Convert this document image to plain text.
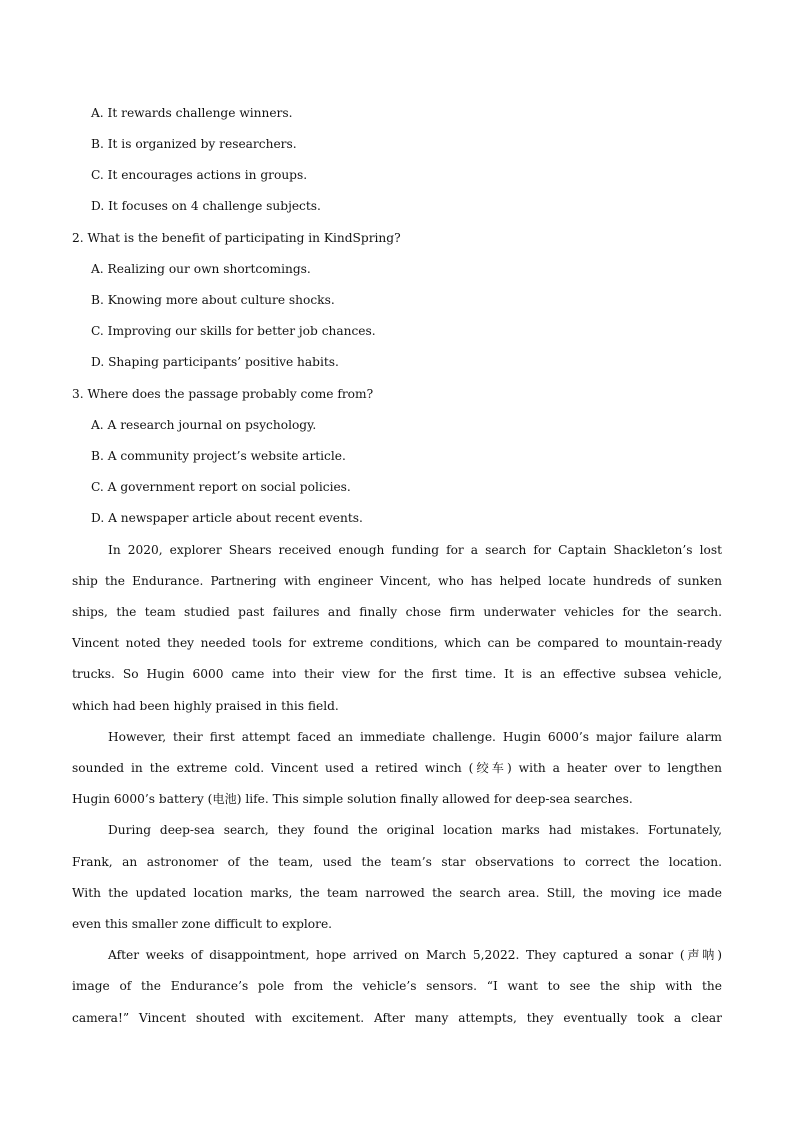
A. It rewards challenge winners.
B. It is organized by researchers.
C. It encourages actions in groups.
D. It focuses on 4 challenge subjects.
2. What is the benefit of participating in KindSpring?
A. Realizing our own shortcomings.
B. Knowing more about culture shocks.
C. Improving our skills for better job chances.
D. Shaping participants’ positive habits.
3. Where does the passage probably come from?
A. A research journal on psychology.
B. A community project’s website article.
C. A government report on social policies.
D. A newspaper article about recent events.
In 2020, explorer Shears received enough funding for a search for Captain Shackleton’s lost
ship the Endurance. Partnering with engineer Vincent, who has helped locate hundreds of sunken
ships, the team studied past failures and finally chose firm underwater vehicles for the search.
Vincent noted they needed tools for extreme conditions, which can be compared to mountain-ready
trucks. So Hugin 6000 came into their view for the first time. It is an effective subsea vehicle,
which had been highly praised in this field.
However, their first attempt faced an immediate challenge. Hugin 6000’s major failure alarm
sounded in the extreme cold. Vincent used a retired winch (绞车) with a heater over to lengthen
Hugin 6000’s battery (电池) life. This simple solution finally allowed for deep-sea searches.
During deep-sea search, they found the original location marks had mistakes. Fortunately,
Frank, an astronomer of the team, used the team’s star observations to correct the location.
With the updated location marks, the team narrowed the search area. Still, the moving ice made
even this smaller zone difficult to explore.
After weeks of disappointment, hope arrived on March 5,2022. They captured a sonar (声呐)
image of the Endurance’s pole from the vehicle’s sensors. “I want to see the ship with the
camera!” Vincent shouted with excitement. After many attempts, they eventually took a clear
